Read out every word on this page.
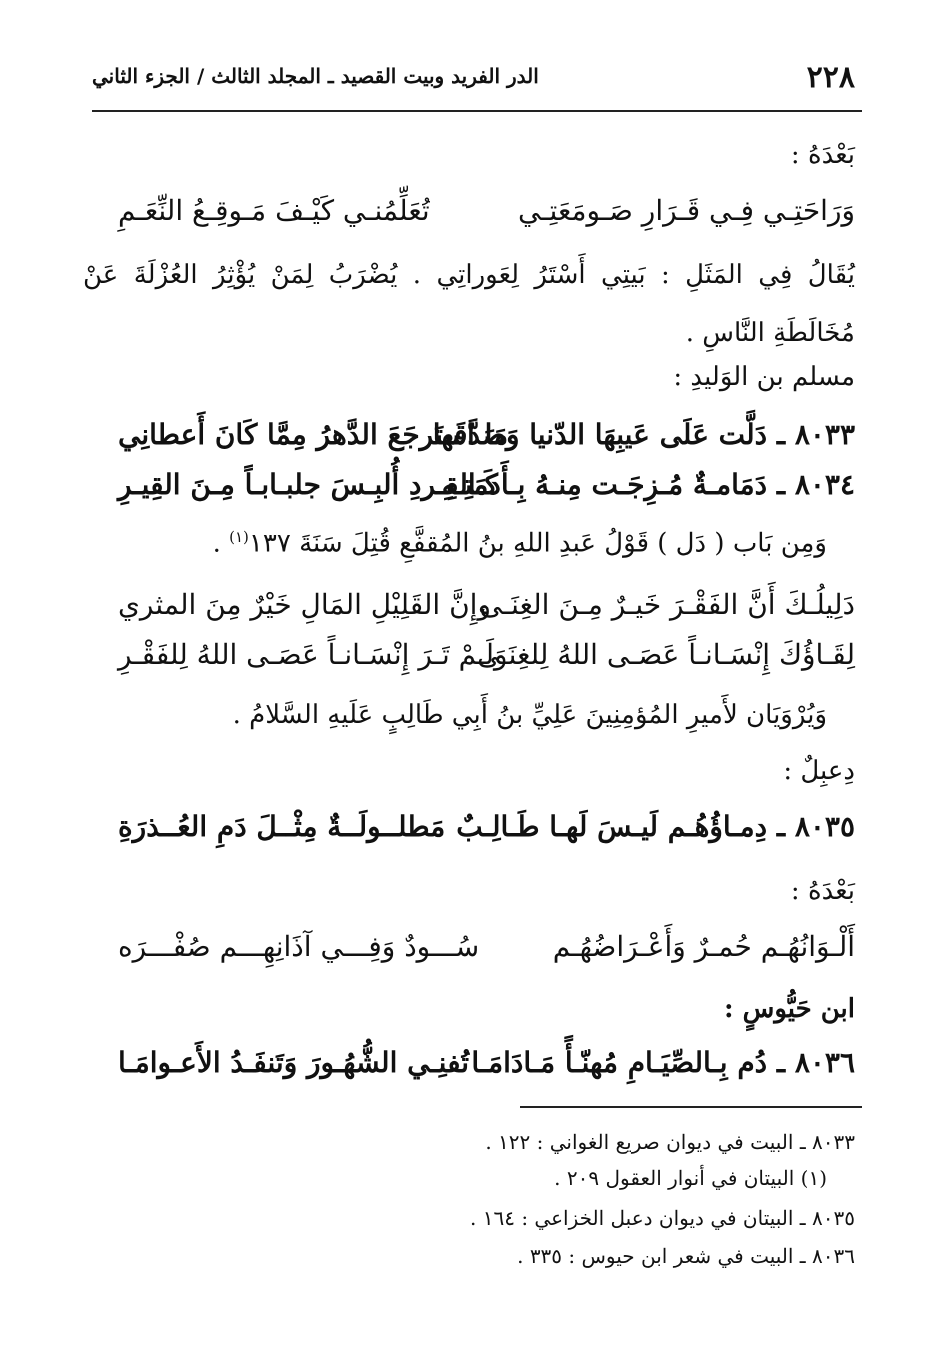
٢٢٨
الدر الفريد وبيت القصيد ـ المجلد الثالث / الجزء الثاني
بَعْدَهُ :
وَرَاحَتِـي فِـي قَـرَارِ صَـومَعَتِـي
تُعَلِّمُنـي كَيْـفَ مَـوقِـعُ النِّعَـمِ
يُقَالُ فِي المَثَلِ : بَيتِي أَسْتَرُ لِعَوراتِي . يُضْرَبُ لِمَنْ يُؤْثِرُ العُزْلَةَ عَنْ مُخَالَطَةِ النَّاسِ .
مسلم بن الوَليدِ :
٨٠٣٣ ـ دَلَّت عَلَى عَيبِهَا الدّنيا وَصَدَّقَها
مَا استَرجَعَ الدَّهرُ مِمَّا كَانَ أَعطانِي
٨٠٣٤ ـ دَمَامـةٌ مُـزِجَـت مِنـهُ بِـأَدمَتِـهِ
كَـالقِـردِ أُلبِـسَ جلبـابـاً مِـنَ القِيـرِ
وَمِن بَاب ( دَل ) قَوْلُ عَبدِ اللهِ بنُ المُقفَّعِ قُتِلَ سَنَةَ ١٣٧$^{(١)}$ .
دَلِيلُـكَ أَنَّ الفَقْـرَ خَيـرٌ مِـنَ الغِنَـى
وإِنَّ القَلِيْلِ المَالِ خَيْرٌ مِنَ المثري
لِقَـاؤُكَ إِنْسَـانـاً عَصَـى اللهُ لِلغِنَـى
وَلَـمْ تَـرَ إِنْسَـانـاً عَصَـى اللهُ لِلفَقْـرِ
وَيُرْوَيَان لأَميرِ المُؤمِنِينَ عَلِيِّ بنُ أَبِي طَالِبٍ عَلَيهِ السَّلامُ .
دِعبِلٌ :
٨٠٣٥ ـ دِمـاؤُهُـم لَيـسَ لَهـا طَـالِـبٌ
مَطلــولَــةٌ مِثْــلَ دَمِ العُــذرَةِ
بَعْدَهُ :
أَلْـوَانُهُـم حُمـرٌ وَأَعْـرَاضُهُـم
سُـــودٌ وَفِـــي آذَانِهِـــم صُفْـــرَه
ابن حَيُّوسٍ :
٨٠٣٦ ـ دُم بِـالصِّيَـامِ مُهنّـأً مَـادَامَـا
تُفنِـي الشُّهُـورَ وَتَنفَـدُ الأَعـوامَـا
٨٠٣٣ ـ البيت في ديوان صريع الغواني : ١٢٢ .
(١) البيتان في أنوار العقول ٢٠٩ .
٨٠٣٥ ـ البيتان في ديوان دعبل الخزاعي : ١٦٤ .
٨٠٣٦ ـ البيت في شعر ابن حيوس : ٣٣٥ .
